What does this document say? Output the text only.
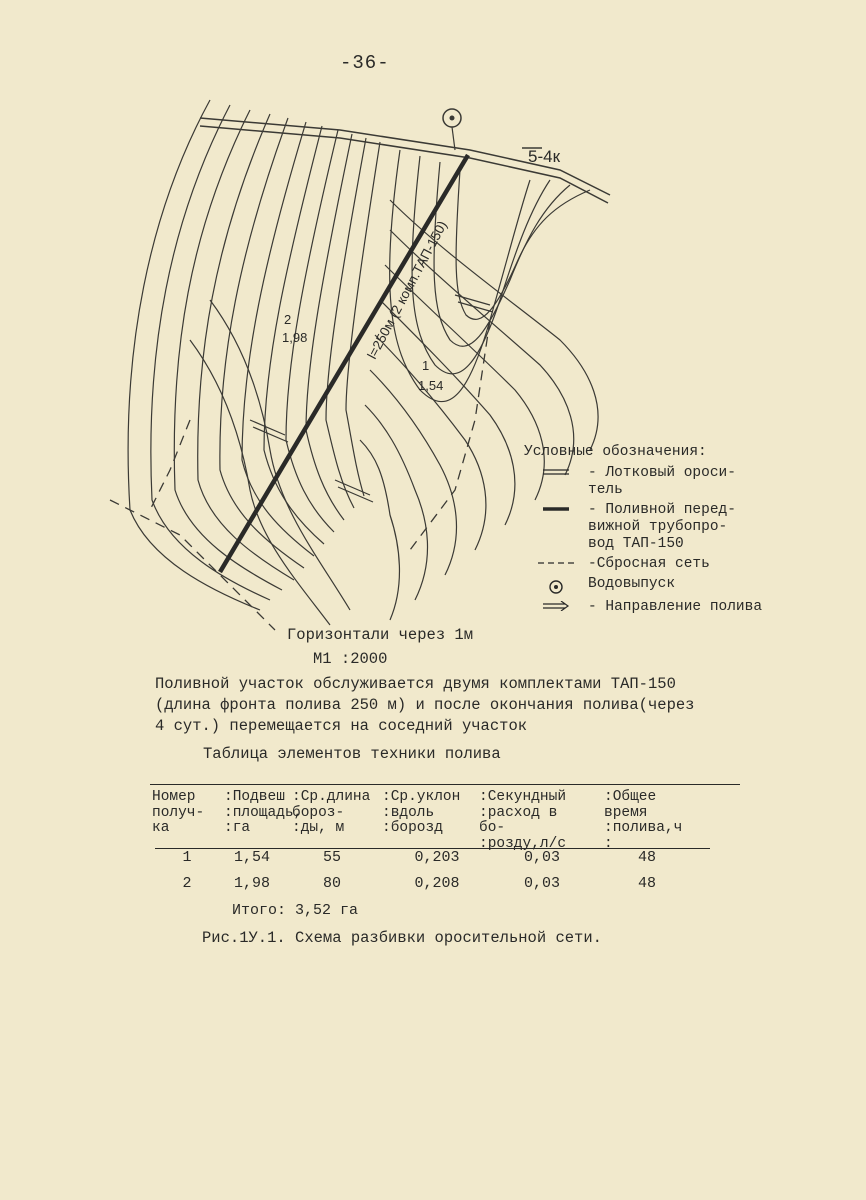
-36-
5-4к
l=250м (2 комп.ТАП-150)
2
1,98
1
1,54
Условные обозначения:
- Лотковый ороси-
тель
- Поливной перед-
вижной трубопро-
вод ТАП-150
-Сбросная сеть
Водовыпуск
- Направление полива
Горизонтали через 1м
М1 :2000
Поливной участок обслуживается двумя комплектами ТАП-150
(длина фронта полива 250 м) и после окончания полива(через
4 сут.) перемещается на соседний участок
Таблица элементов техники полива
Номер получ- ка
:Подвеш :площадь, :га
:Ср.длина бороз- :ды, м
:Ср.уклон :вдоль :борозд
:Секундный :расход в бо- :розду,л/с
:Общее время :полива,ч :
1	1,54	55	0,203	0,03	48
2	1,98	80	0,208	0,03	48
Итого: 3,52 га
Рис.1У.1. Схема разбивки оросительной сети.
